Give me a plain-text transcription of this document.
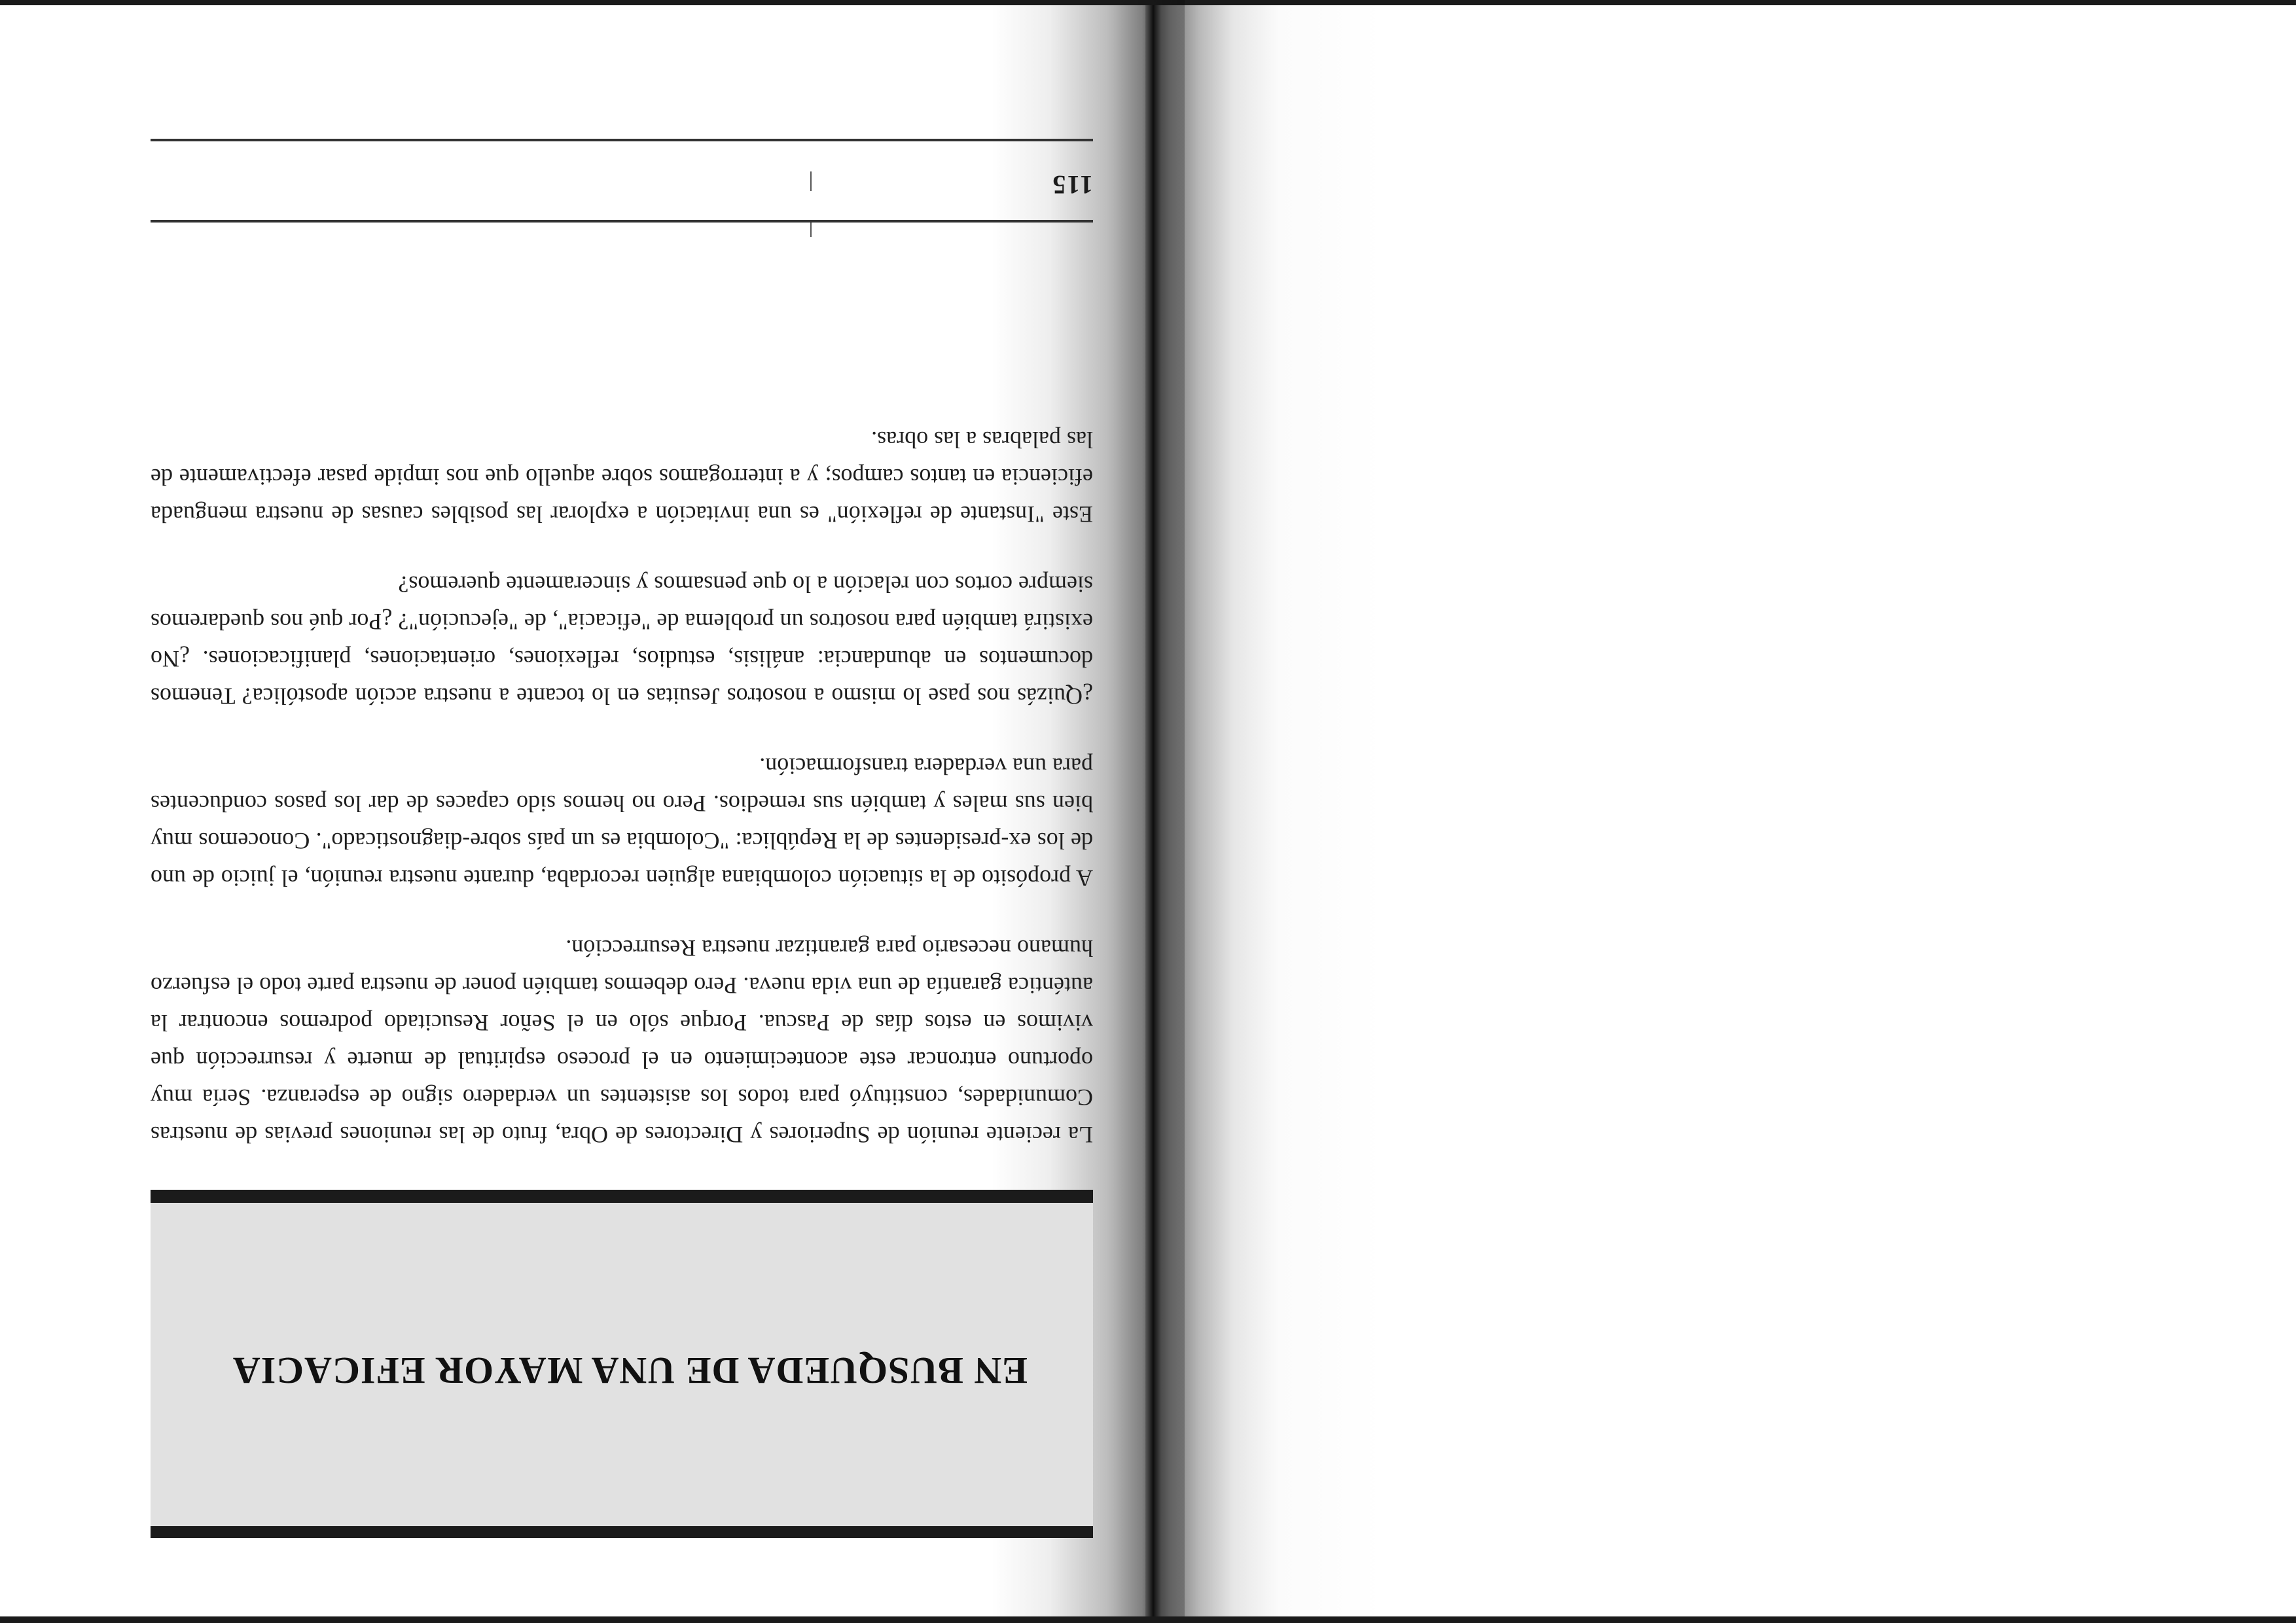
EN BUSQUEDA DE UNA MAYOR EFICACIA

La reciente reunión de Superiores y Directores de Obra, fruto de las reuniones previas de nuestras Comunidades, constituyó para todos los asistentes un verdadero signo de esperanza. Sería muy oportuno entroncar este acontecimiento en el proceso espiritual de muerte y resurrección que vivimos en estos días de Pascua. Porque sólo en el Señor Resucitado podremos encontrar la auténtica garantía de una vida nueva. Pero debemos también poner de nuestra parte todo el esfuerzo humano necesario para garantizar nuestra Resurrección.

A propósito de la situación colombiana alguien recordaba, durante nuestra reunión, el juicio de uno de los ex-presidentes de la República: "Colombia es un país sobre-diagnosticado". Conocemos muy bien sus males y también sus remedios. Pero no hemos sido capaces de dar los pasos conducentes para una verdadera transformación.

¿Quizás nos pase lo mismo a nosotros Jesuitas en lo tocante a nuestra acción apostólica? Tenemos documentos en abundancia: análisis, estudios, reflexiones, orientaciones, planificaciones. ¿No existirá también para nosotros un problema de "eficacia", de "ejecución"? ¿Por qué nos quedaremos siempre cortos con relación a lo que pensamos y sinceramente queremos?

Este "Instante de reflexión" es una invitación a explorar las posibles causas de nuestra menguada eficiencia en tantos campos; y a interrogamos sobre aquello que nos impide pasar efectivamente de las palabras a las obras.

115
